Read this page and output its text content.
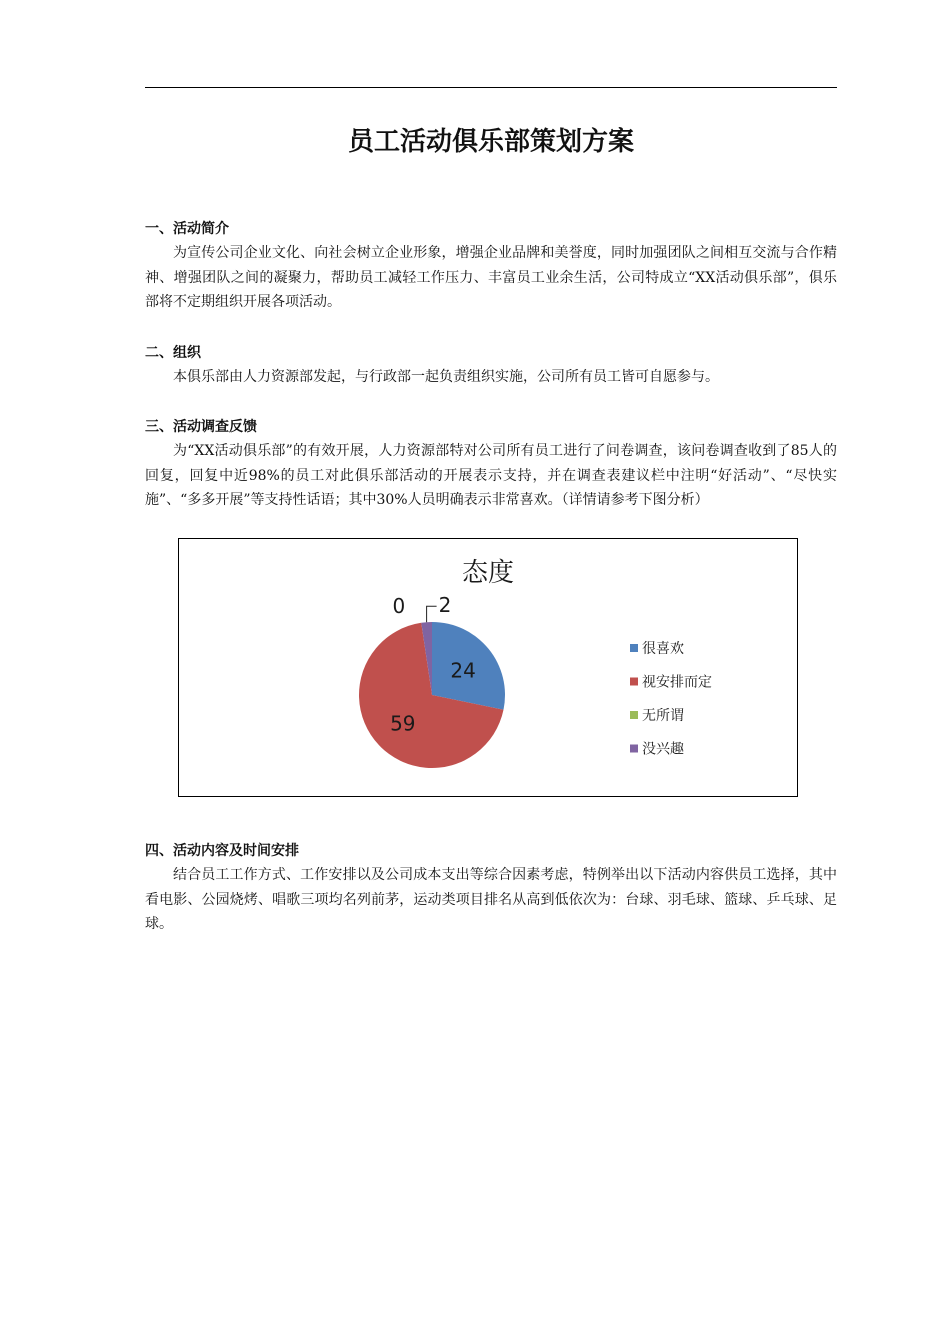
员工活动俱乐部策划方案

一、活动简介

为宣传公司企业文化、向社会树立企业形象，增强企业品牌和美誉度，同时加强团队之间相互交流与合作精神、增强团队之间的凝聚力，帮助员工减轻工作压力、丰富员工业余生活，公司特成立“XX活动俱乐部”，俱乐部将不定期组织开展各项活动。

二、组织

本俱乐部由人力资源部发起，与行政部一起负责组织实施，公司所有员工皆可自愿参与。

三、活动调查反馈

为“XX活动俱乐部”的有效开展，人力资源部特对公司所有员工进行了问卷调查，该问卷调查收到了85人的回复，回复中近98%的员工对此俱乐部活动的开展表示支持，并在调查表建议栏中注明“好活动”、“尽快实施”、“多多开展”等支持性话语；其中30%人员明确表示非常喜欢。（详情请参考下图分析）

态度
24
59
0 2
很喜欢
视安排而定
无所谓
没兴趣

四、活动内容及时间安排

结合员工工作方式、工作安排以及公司成本支出等综合因素考虑，特例举出以下活动内容供员工选择，其中看电影、公园烧烤、唱歌三项均名列前茅，运动类项目排名从高到低依次为：台球、羽毛球、篮球、乒乓球、足球。
